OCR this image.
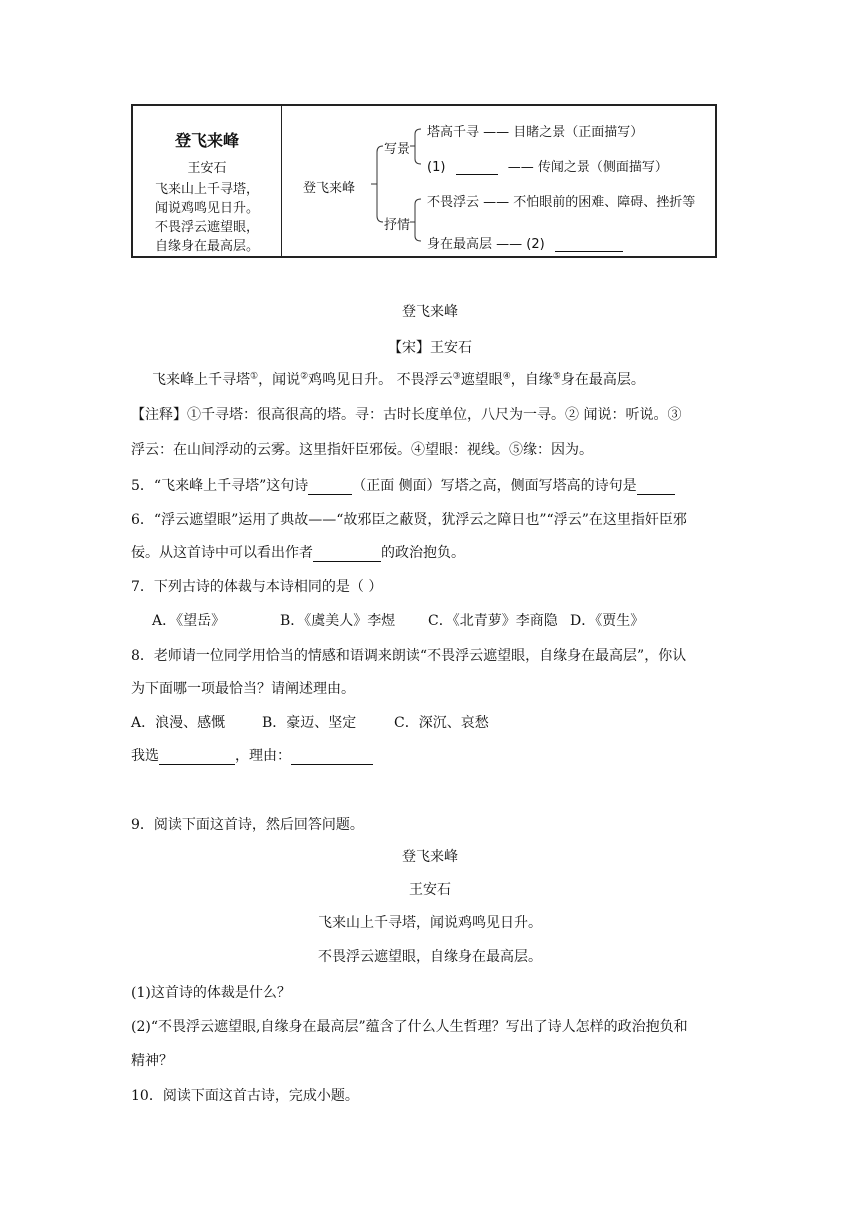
登飞来峰
王安石
飞来山上千寻塔，
闻说鸡鸣见日升。
不畏浮云遮望眼，
自缘身在最高层。
登飞来峰
写景
抒情
塔高千寻 —— 目睹之景（正面描写）
(1)	—— 传闻之景（侧面描写）
不畏浮云 —— 不怕眼前的困难、障碍、挫折等
身在最高层 —— (2)
登飞来峰
【宋】王安石
飞来峰上千寻塔①，闻说②鸡鸣见日升。 不畏浮云③遮望眼④，自缘⑤身在最高层。
【注释】①千寻塔：很高很高的塔。寻：古时长度单位，八尺为一寻。② 闻说：听说。③
浮云：在山间浮动的云雾。这里指奸臣邪佞。④望眼：视线。⑤缘：因为。
5．“飞来峰上千寻塔”这句诗	（正面 侧面）写塔之高，侧面写塔高的诗句是
6．“浮云遮望眼”运用了典故——“故邪臣之蔽贤，犹浮云之障日也”“浮云”在这里指奸臣邪
佞。从这首诗中可以看出作者	的政治抱负。
7．下列古诗的体裁与本诗相同的是（ ）
A．《望岳》	B．《虞美人》李煜 C．《北青萝》李商隐 D．《贾生》
8．老师请一位同学用恰当的情感和语调来朗读“不畏浮云遮望眼，自缘身在最高层”，你认
为下面哪一项最恰当？请阐述理由。
A．浪漫、感慨	B．豪迈、坚定	C．深沉、哀愁
我选	，理由：
9．阅读下面这首诗，然后回答问题。
登飞来峰
王安石
飞来山上千寻塔，闻说鸡鸣见日升。
不畏浮云遮望眼，自缘身在最高层。
(1)这首诗的体裁是什么？
(2)“不畏浮云遮望眼,自缘身在最高层”蕴含了什么人生哲理？写出了诗人怎样的政治抱负和
精神？
10．阅读下面这首古诗，完成小题。
